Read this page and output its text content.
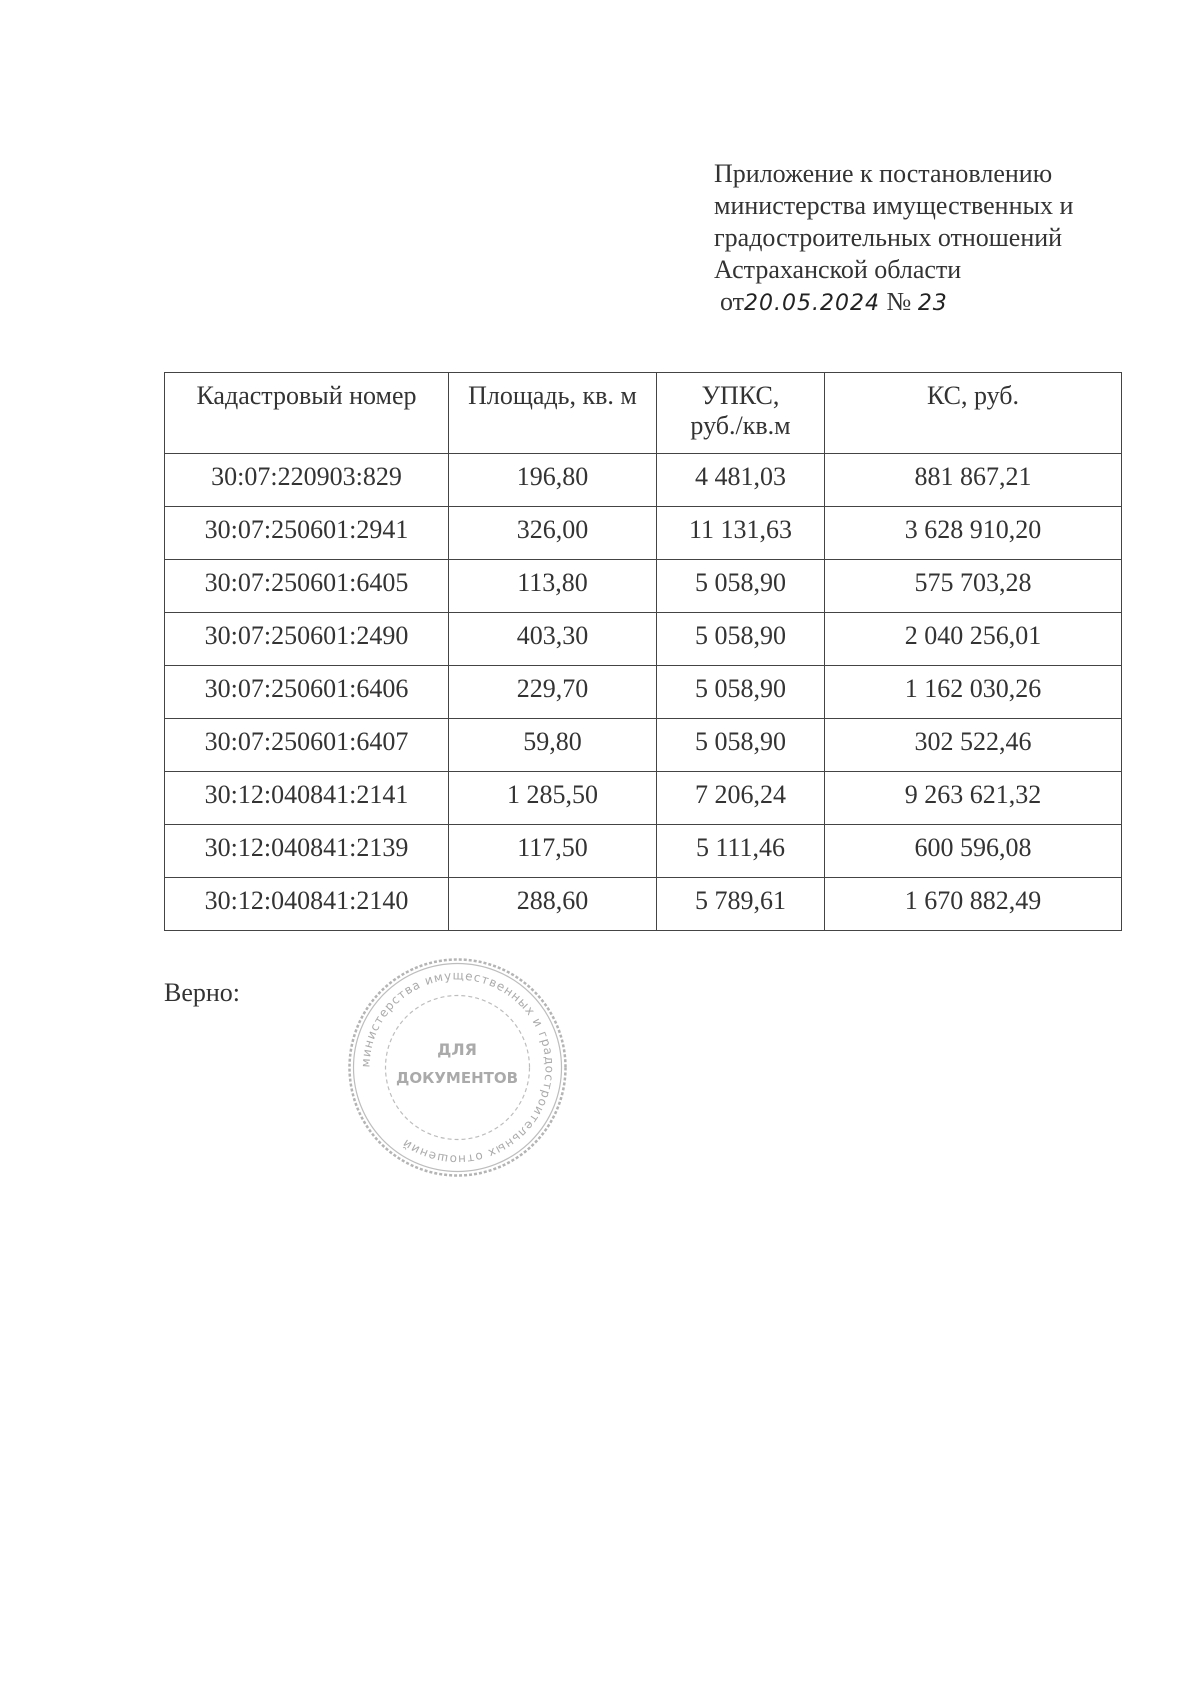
Приложение к постановлению
министерства имущественных и
градостроительных отношений
Астраханской области
от20.05.2024 № 23
Кадастровый номер	Площадь, кв. м	УПКС, руб./кв.м	КС, руб.
30:07:220903:829	196,80	4 481,03	881 867,21
30:07:250601:2941	326,00	11 131,63	3 628 910,20
30:07:250601:6405	113,80	5 058,90	575 703,28
30:07:250601:2490	403,30	5 058,90	2 040 256,01
30:07:250601:6406	229,70	5 058,90	1 162 030,26
30:07:250601:6407	59,80	5 058,90	302 522,46
30:12:040841:2141	1 285,50	7 206,24	9 263 621,32
30:12:040841:2139	117,50	5 111,46	600 596,08
30:12:040841:2140	288,60	5 789,61	1 670 882,49
Верно:
министерства имущественных и градостроительных отношений
ДЛЯ
ДОКУМЕНТОВ
